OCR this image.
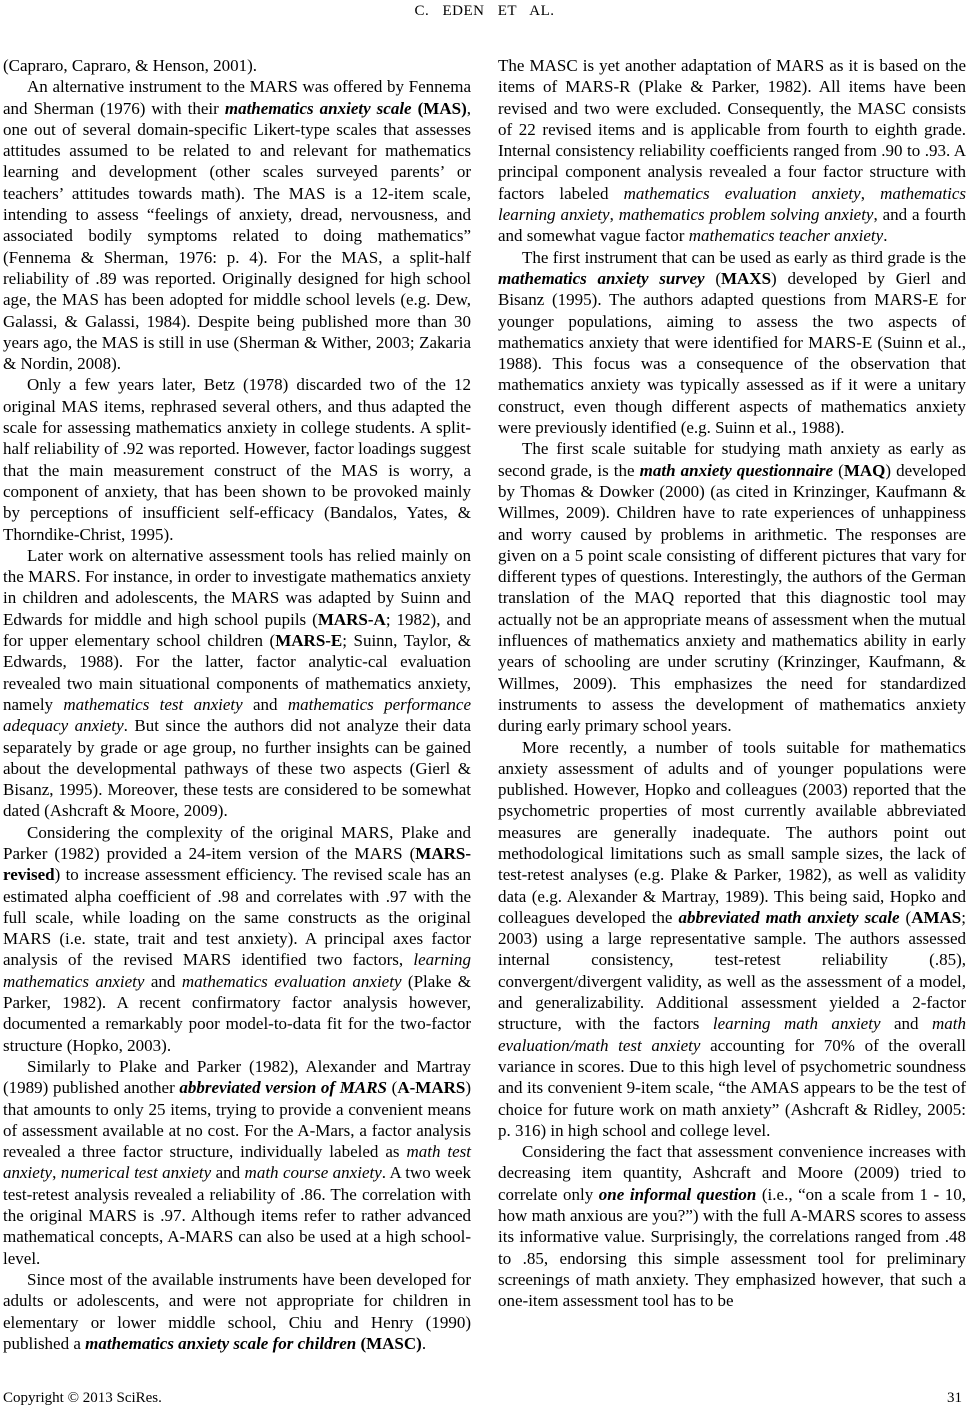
C. EDEN ET AL.

(Capraro, Capraro, & Henson, 2001).

An alternative instrument to the MARS was offered by Fennema and Sherman (1976) with their mathematics anxiety scale (MAS), one out of several domain-specific Likert-type scales that assesses attitudes assumed to be related to and relevant for mathematics learning and development (other scales surveyed parents’ or teachers’ attitudes towards math). The MAS is a 12-item scale, intending to assess “feelings of anxiety, dread, nervousness, and associated bodily symptoms related to doing mathematics” (Fennema & Sherman, 1976: p. 4). For the MAS, a split-half reliability of .89 was reported. Originally designed for high school age, the MAS has been adopted for middle school levels (e.g. Dew, Galassi, & Galassi, 1984). Despite being published more than 30 years ago, the MAS is still in use (Sherman & Wither, 2003; Zakaria & Nordin, 2008).

Only a few years later, Betz (1978) discarded two of the 12 original MAS items, rephrased several others, and thus adapted the scale for assessing mathematics anxiety in college students. A split-half reliability of .92 was reported. However, factor loadings suggest that the main measurement construct of the MAS is worry, a component of anxiety, that has been shown to be provoked mainly by perceptions of insufficient self-efficacy (Bandalos, Yates, & Thorndike-Christ, 1995).

Later work on alternative assessment tools has relied mainly on the MARS. For instance, in order to investigate mathematics anxiety in children and adolescents, the MARS was adapted by Suinn and Edwards for middle and high school pupils (MARS-A; 1982), and for upper elementary school children (MARS-E; Suinn, Taylor, & Edwards, 1988). For the latter, factor analytic-cal evaluation revealed two main situational components of mathematics anxiety, namely mathematics test anxiety and mathematics performance adequacy anxiety. But since the authors did not analyze their data separately by grade or age group, no further insights can be gained about the developmental pathways of these two aspects (Gierl & Bisanz, 1995). Moreover, these tests are considered to be somewhat dated (Ashcraft & Moore, 2009).

Considering the complexity of the original MARS, Plake and Parker (1982) provided a 24-item version of the MARS (MARS-revised) to increase assessment efficiency. The revised scale has an estimated alpha coefficient of .98 and correlates with .97 with the full scale, while loading on the same constructs as the original MARS (i.e. state, trait and test anxiety). A principal axes factor analysis of the revised MARS identified two factors, learning mathematics anxiety and mathematics evaluation anxiety (Plake & Parker, 1982). A recent confirmatory factor analysis however, documented a remarkably poor model-to-data fit for the two-factor structure (Hopko, 2003).

Similarly to Plake and Parker (1982), Alexander and Martray (1989) published another abbreviated version of MARS (A-MARS) that amounts to only 25 items, trying to provide a convenient means of assessment available at no cost. For the A-Mars, a factor analysis revealed a three factor structure, individually labeled as math test anxiety, numerical test anxiety and math course anxiety. A two week test-retest analysis revealed a reliability of .86. The correlation with the original MARS is .97. Although items refer to rather advanced mathematical concepts, A-MARS can also be used at a high school-level.

Since most of the available instruments have been developed for adults or adolescents, and were not appropriate for children in elementary or lower middle school, Chiu and Henry (1990) published a mathematics anxiety scale for children (MASC).

The MASC is yet another adaptation of MARS as it is based on the items of MARS-R (Plake & Parker, 1982). All items have been revised and two were excluded. Consequently, the MASC consists of 22 revised items and is applicable from fourth to eighth grade. Internal consistency reliability coefficients ranged from .90 to .93. A principal component analysis revealed a four factor structure with factors labeled mathematics evaluation anxiety, mathematics learning anxiety, mathematics problem solving anxiety, and a fourth and somewhat vague factor mathematics teacher anxiety.

The first instrument that can be used as early as third grade is the mathematics anxiety survey (MAXS) developed by Gierl and Bisanz (1995). The authors adapted questions from MARS-E for younger populations, aiming to assess the two aspects of mathematics anxiety that were identified for MARS-E (Suinn et al., 1988). This focus was a consequence of the observation that mathematics anxiety was typically assessed as if it were a unitary construct, even though different aspects of mathematics anxiety were previously identified (e.g. Suinn et al., 1988).

The first scale suitable for studying math anxiety as early as second grade, is the math anxiety questionnaire (MAQ) developed by Thomas & Dowker (2000) (as cited in Krinzinger, Kaufmann & Willmes, 2009). Children have to rate experiences of unhappiness and worry caused by problems in arithmetic. The responses are given on a 5 point scale consisting of different pictures that vary for different types of questions. Interestingly, the authors of the German translation of the MAQ reported that this diagnostic tool may actually not be an appropriate means of assessment when the mutual influences of mathematics anxiety and mathematics ability in early years of schooling are under scrutiny (Krinzinger, Kaufmann, & Willmes, 2009). This emphasizes the need for standardized instruments to assess the development of mathematics anxiety during early primary school years.

More recently, a number of tools suitable for mathematics anxiety assessment of adults and of younger populations were published. However, Hopko and colleagues (2003) reported that the psychometric properties of most currently available abbreviated measures are generally inadequate. The authors point out methodological limitations such as small sample sizes, the lack of test-retest analyses (e.g. Plake & Parker, 1982), as well as validity data (e.g. Alexander & Martray, 1989). This being said, Hopko and colleagues developed the abbreviated math anxiety scale (AMAS; 2003) using a large representative sample. The authors assessed internal consistency, test-retest reliability (.85), convergent/divergent validity, as well as the assessment of a model, and generalizability. Additional assessment yielded a 2-factor structure, with the factors learning math anxiety and math evaluation/math test anxiety accounting for 70% of the overall variance in scores. Due to this high level of psychometric soundness and its convenient 9-item scale, “the AMAS appears to be the test of choice for future work on math anxiety” (Ashcraft & Ridley, 2005: p. 316) in high school and college level.

Considering the fact that assessment convenience increases with decreasing item quantity, Ashcraft and Moore (2009) tried to correlate only one informal question (i.e., “on a scale from 1 - 10, how math anxious are you?”) with the full A-MARS scores to assess its informative value. Surprisingly, the correlations ranged from .48 to .85, endorsing this simple assessment tool for preliminary screenings of math anxiety. They emphasized however, that such a one-item assessment tool has to be

Copyright © 2013 SciRes.	31
